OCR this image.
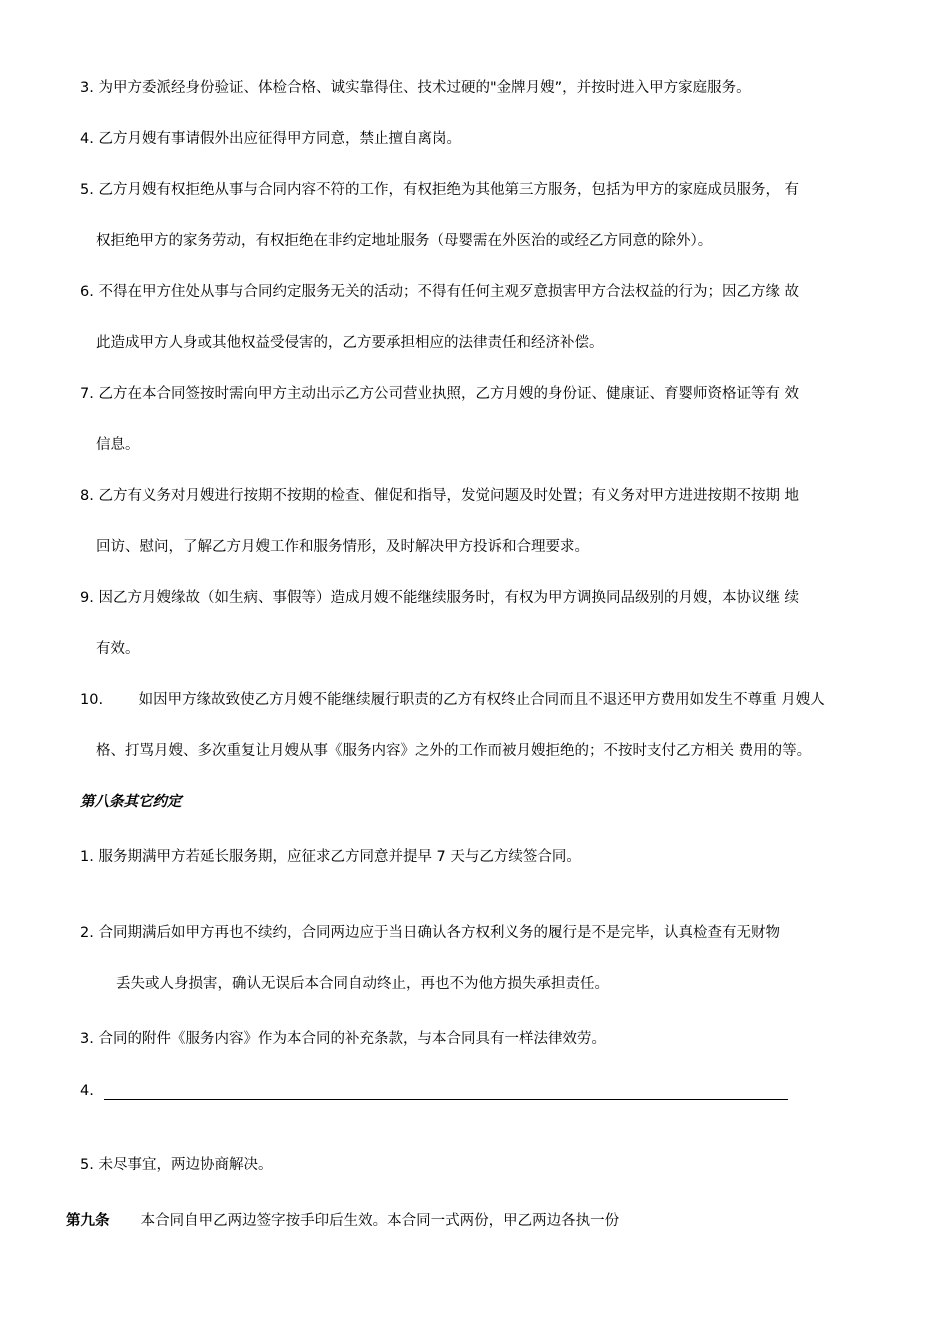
3. 为甲方委派经身份验证、体检合格、诚实靠得住、技术过硬的"金牌月嫂”，并按时进入甲方家庭服务。
4. 乙方月嫂有事请假外出应征得甲方同意，禁止擅自离岗。
5. 乙方月嫂有权拒绝从事与合同内容不符的工作，有权拒绝为其他第三方服务，包括为甲方的家庭成员服务， 有
权拒绝甲方的家务劳动，有权拒绝在非约定地址服务（母婴需在外医治的或经乙方同意的除外）。
6. 不得在甲方住处从事与合同约定服务无关的活动；不得有任何主观歹意损害甲方合法权益的行为；因乙方缘 故
此造成甲方人身或其他权益受侵害的，乙方要承担相应的法律责任和经济补偿。
7. 乙方在本合同签按时需向甲方主动出示乙方公司营业执照，乙方月嫂的身份证、健康证、育婴师资格证等有 效
信息。
8. 乙方有义务对月嫂进行按期不按期的检查、催促和指导，发觉问题及时处置；有义务对甲方进进按期不按期 地
回访、慰问，了解乙方月嫂工作和服务情形，及时解决甲方投诉和合理要求。
9. 因乙方月嫂缘故（如生病、事假等）造成月嫂不能继续服务时，有权为甲方调换同品级别的月嫂，本协议继 续
有效。
10. 如因甲方缘故致使乙方月嫂不能继续履行职责的乙方有权终止合同而且不退还甲方费用如发生不尊重 月嫂人
格、打骂月嫂、多次重复让月嫂从事《服务内容》之外的工作而被月嫂拒绝的；不按时支付乙方相关 费用的等。
第八条其它约定
1. 服务期满甲方若延长服务期，应征求乙方同意并提早 7 天与乙方续签合同。
2. 合同期满后如甲方再也不续约，合同两边应于当日确认各方权利义务的履行是不是完毕，认真检查有无财物
丢失或人身损害，确认无误后本合同自动终止，再也不为他方损失承担责任。
3. 合同的附件《服务内容》作为本合同的补充条款，与本合同具有一样法律效劳。
4.
5. 未尽事宜，两边协商解决。
第九条 本合同自甲乙两边签字按手印后生效。本合同一式两份，甲乙两边各执一份
